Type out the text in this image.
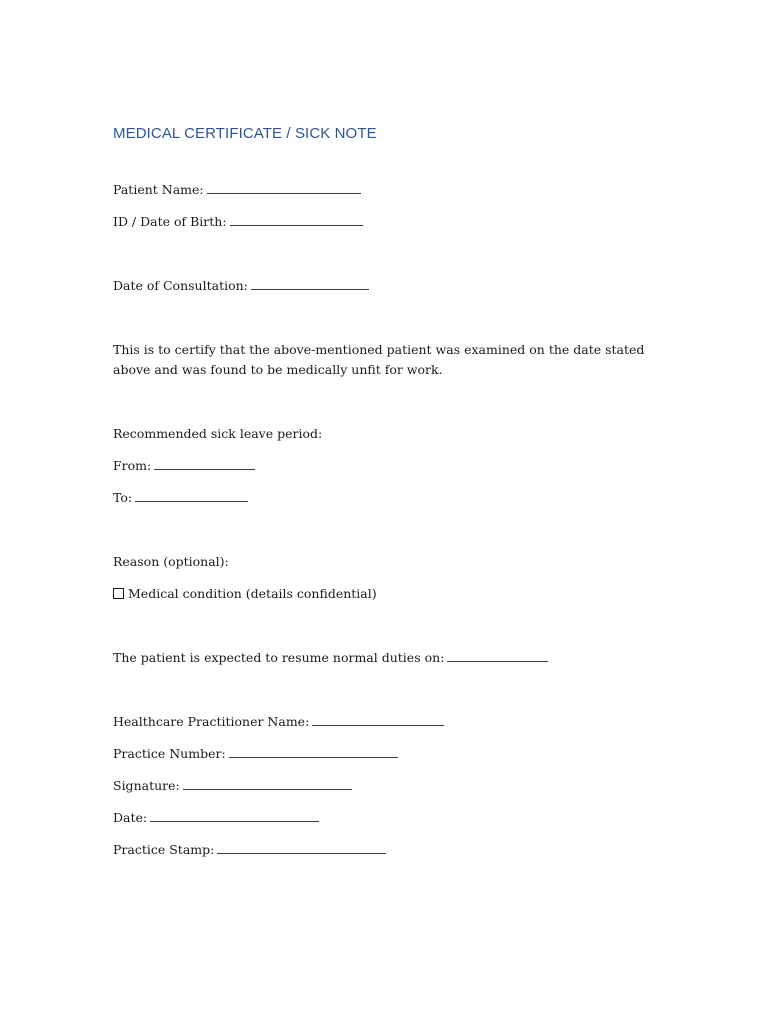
MEDICAL CERTIFICATE / SICK NOTE
Patient Name:
ID / Date of Birth:
Date of Consultation:
This is to certify that the above-mentioned patient was examined on the date stated above and was found to be medically unfit for work.
Recommended sick leave period:
From:
To:
Reason (optional):
Medical condition (details confidential)
The patient is expected to resume normal duties on:
Healthcare Practitioner Name:
Practice Number:
Signature:
Date:
Practice Stamp:
